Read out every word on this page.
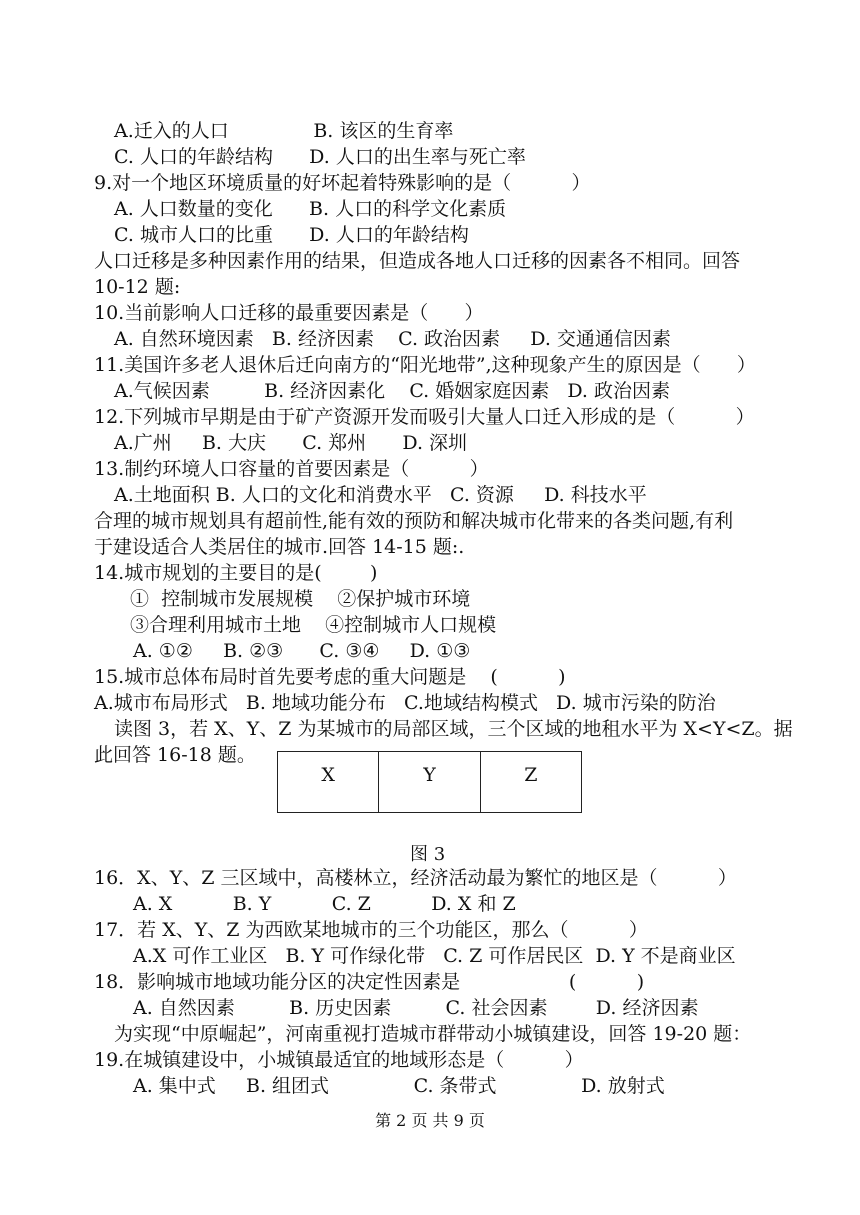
A.迁入的人口              B. 该区的生育率
C. 人口的年龄结构      D. 人口的出生率与死亡率
9.对一个地区环境质量的好坏起着特殊影响的是（          ）
A. 人口数量的变化      B. 人口的科学文化素质
C. 城市人口的比重      D. 人口的年龄结构
人口迁移是多种因素作用的结果，但造成各地人口迁移的因素各不相同。回答
10-12 题:
10.当前影响人口迁移的最重要因素是（      ）
A. 自然环境因素   B. 经济因素    C. 政治因素     D. 交通通信因素
11.美国许多老人退休后迁向南方的“阳光地带”,这种现象产生的原因是（      ）
A.气候因素         B. 经济因素化    C. 婚姻家庭因素   D. 政治因素
12.下列城市早期是由于矿产资源开发而吸引大量人口迁入形成的是（          ）
A.广州     B. 大庆      C. 郑州      D. 深圳
13.制约环境人口容量的首要因素是（          ）
A.土地面积 B. 人口的文化和消费水平   C. 资源     D. 科技水平
合理的城市规划具有超前性,能有效的预防和解决城市化带来的各类问题,有利
于建设适合人类居住的城市.回答 14-15 题:.
14.城市规划的主要目的是(        )
①  控制城市发展规模    ②保护城市环境
③合理利用城市土地    ④控制城市人口规模
A. ①②     B. ②③      C. ③④     D. ①③
15.城市总体布局时首先要考虑的重大问题是    (          )
A.城市布局形式   B. 地域功能分布   C.地域结构模式   D. 城市污染的防治
读图 3，若 X、Y、Z 为某城市的局部区域，三个区域的地租水平为 X<Y<Z。据
此回答 16-18 题。
X	Y	Z
图 3
16．X、Y、Z 三区域中，高楼林立，经济活动最为繁忙的地区是（          ）
A. X          B. Y          C. Z          D. X 和 Z
17．若 X、Y、Z 为西欧某地城市的三个功能区，那么（          ）
A.X 可作工业区   B. Y 可作绿化带   C. Z 可作居民区  D. Y 不是商业区
18．影响城市地域功能分区的决定性因素是                  (          )
A. 自然因素         B. 历史因素         C. 社会因素        D. 经济因素
为实现“中原崛起”，河南重视打造城市群带动小城镇建设，回答 19-20 题：
19.在城镇建设中，小城镇最适宜的地域形态是（          ）
A. 集中式     B. 组团式              C. 条带式              D. 放射式
第 2 页 共 9 页
